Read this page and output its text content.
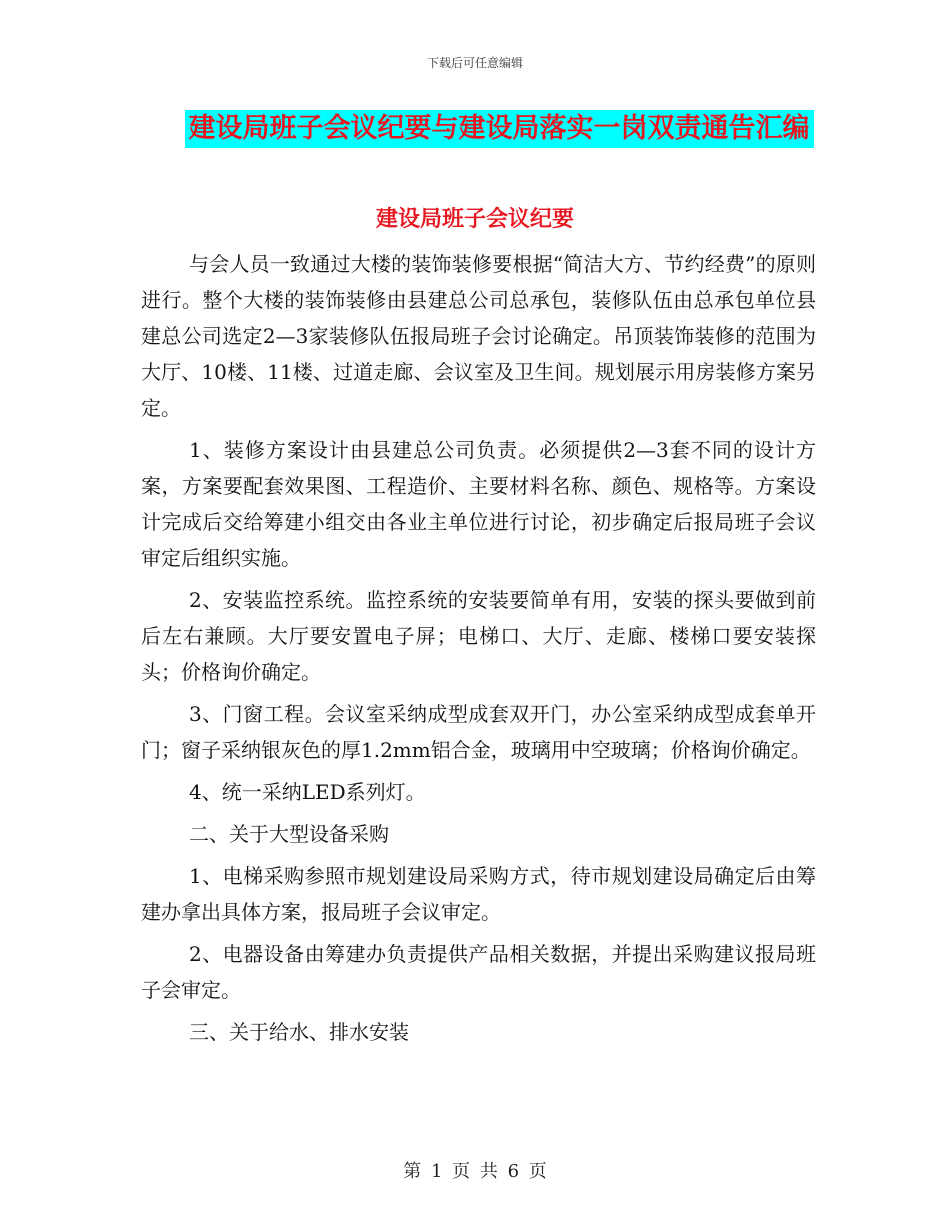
下载后可任意编辑
建设局班子会议纪要与建设局落实一岗双责通告汇编
建设局班子会议纪要

与会人员一致通过大楼的装饰装修要根据“简洁大方、节约经费”的原则进行。整个大楼的装饰装修由县建总公司总承包，装修队伍由总承包单位县建总公司选定2—3家装修队伍报局班子会讨论确定。吊顶装饰装修的范围为大厅、10楼、11楼、过道走廊、会议室及卫生间。规划展示用房装修方案另定。

1、装修方案设计由县建总公司负责。必须提供2—3套不同的设计方案，方案要配套效果图、工程造价、主要材料名称、颜色、规格等。方案设计完成后交给筹建小组交由各业主单位进行讨论，初步确定后报局班子会议审定后组织实施。

2、安装监控系统。监控系统的安装要简单有用，安装的探头要做到前后左右兼顾。大厅要安置电子屏；电梯口、大厅、走廊、楼梯口要安装探头；价格询价确定。

3、门窗工程。会议室采纳成型成套双开门，办公室采纳成型成套单开门；窗子采纳银灰色的厚1.2mm铝合金，玻璃用中空玻璃；价格询价确定。

4、统一采纳LED系列灯。

二、关于大型设备采购

1、电梯采购参照市规划建设局采购方式，待市规划建设局确定后由筹建办拿出具体方案，报局班子会议审定。

2、电器设备由筹建办负责提供产品相关数据，并提出采购建议报局班子会审定。

三、关于给水、排水安装

第 1 页 共 6 页
